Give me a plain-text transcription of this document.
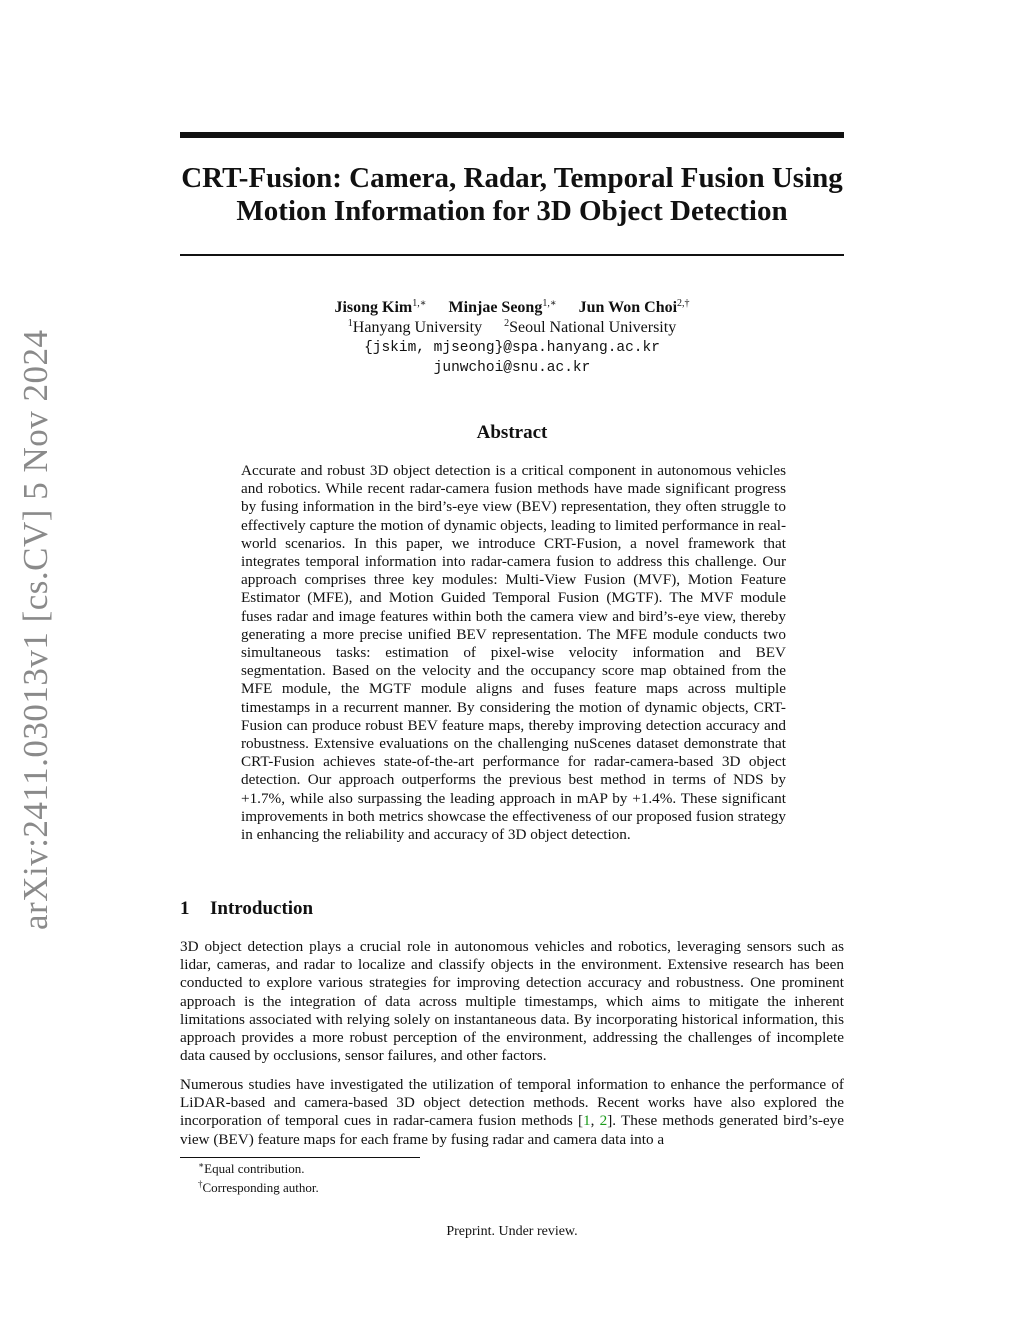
arXiv:2411.03013v1 [cs.CV] 5 Nov 2024
CRT-Fusion: Camera, Radar, Temporal Fusion Using
Motion Information for 3D Object Detection
Jisong Kim$^{1,∗}$ Minjae Seong$^{1,∗}$ Jun Won Choi$^{2,\dagger}$
$^1$Hanyang University $^2$Seoul National University
{jskim, mjseong}@spa.hanyang.ac.kr
junwchoi@snu.ac.kr
Abstract

Accurate and robust 3D object detection is a critical component in autonomous vehicles and robotics. While recent radar-camera fusion methods have made significant progress by fusing information in the bird’s-eye view (BEV) representation, they often struggle to effectively capture the motion of dynamic objects, leading to limited performance in real-world scenarios. In this paper, we introduce CRT-Fusion, a novel framework that integrates temporal information into radar-camera fusion to address this challenge. Our approach comprises three key modules: Multi-View Fusion (MVF), Motion Feature Estimator (MFE), and Motion Guided Temporal Fusion (MGTF). The MVF module fuses radar and image features within both the camera view and bird’s-eye view, thereby generating a more precise unified BEV representation. The MFE module conducts two simultaneous tasks: estimation of pixel-wise velocity information and BEV segmentation. Based on the velocity and the occupancy score map obtained from the MFE module, the MGTF module aligns and fuses feature maps across multiple timestamps in a recurrent manner. By considering the motion of dynamic objects, CRT-Fusion can produce robust BEV feature maps, thereby improving detection accuracy and robustness. Extensive evaluations on the challenging nuScenes dataset demonstrate that CRT-Fusion achieves state-of-the-art performance for radar-camera-based 3D object detection. Our approach outperforms the previous best method in terms of NDS by +1.7%, while also surpassing the leading approach in mAP by +1.4%. These significant improvements in both metrics showcase the effectiveness of our proposed fusion strategy in enhancing the reliability and accuracy of 3D object detection.

1 Introduction

3D object detection plays a crucial role in autonomous vehicles and robotics, leveraging sensors such as lidar, cameras, and radar to localize and classify objects in the environment. Extensive research has been conducted to explore various strategies for improving detection accuracy and robustness. One prominent approach is the integration of data across multiple timestamps, which aims to mitigate the inherent limitations associated with relying solely on instantaneous data. By incorporating historical information, this approach provides a more robust perception of the environment, addressing the challenges of incomplete data caused by occlusions, sensor failures, and other factors.

Numerous studies have investigated the utilization of temporal information to enhance the performance of LiDAR-based and camera-based 3D object detection methods. Recent works have also explored the incorporation of temporal cues in radar-camera fusion methods [1, 2]. These methods generated bird’s-eye view (BEV) feature maps for each frame by fusing radar and camera data into a

∗Equal contribution.
†Corresponding author.
Preprint. Under review.
